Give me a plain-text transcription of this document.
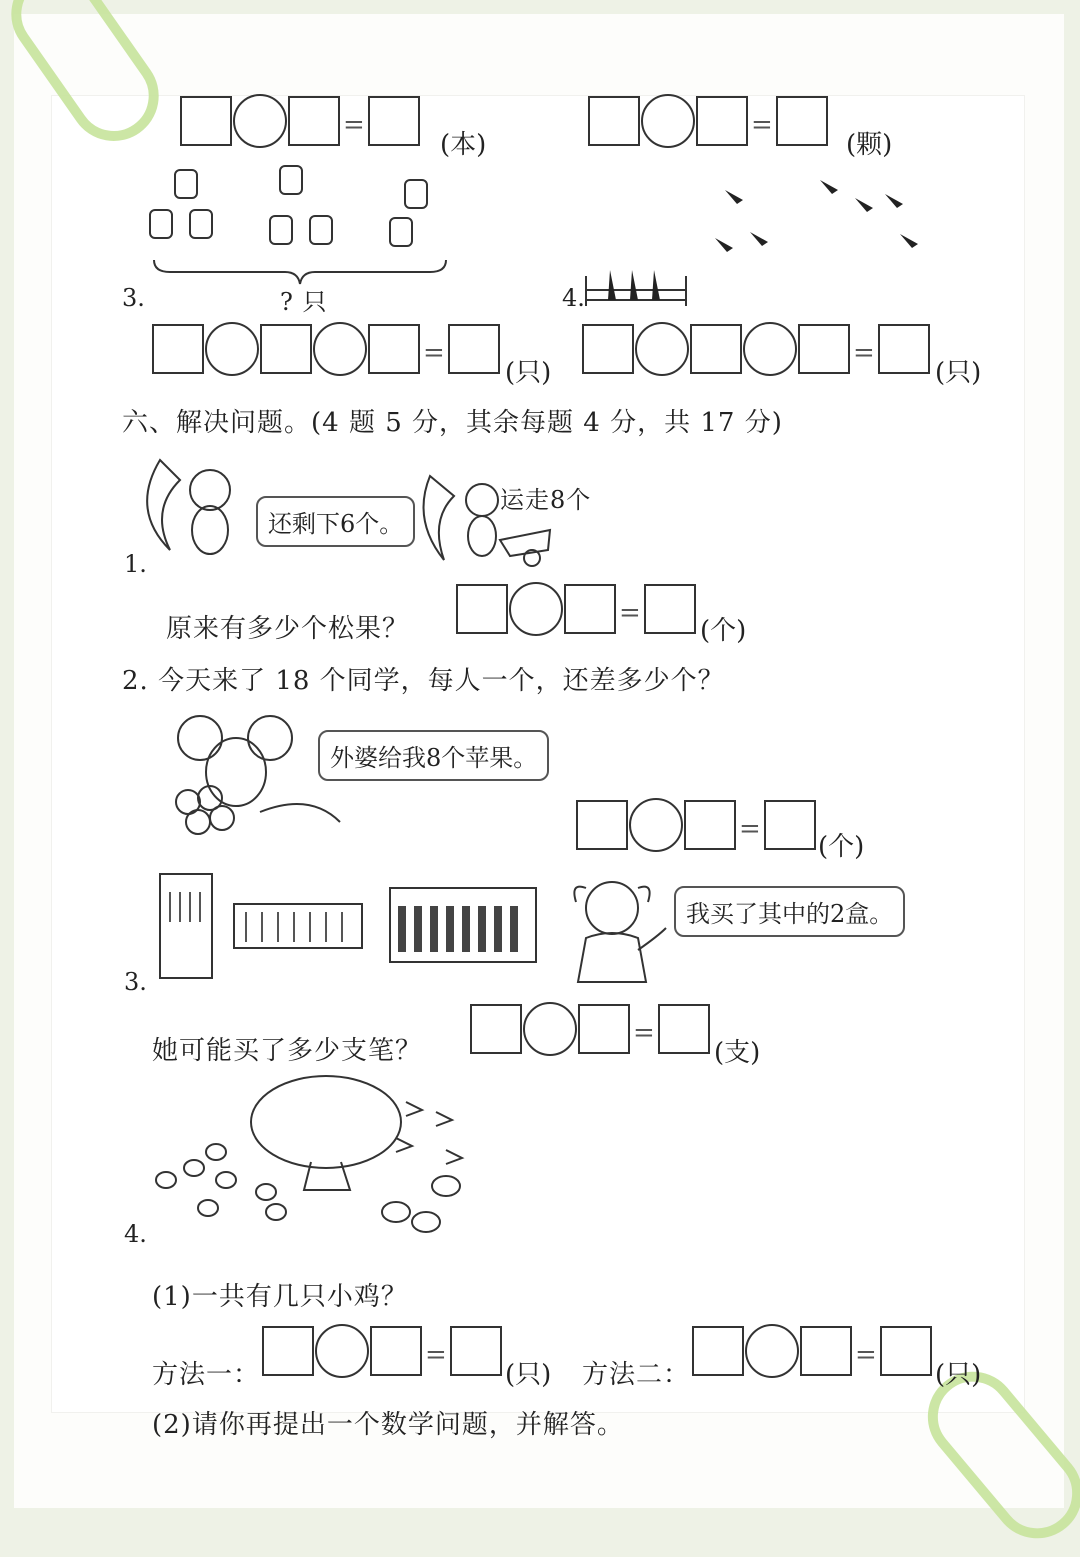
=
(本)
=
(颗)
3.	? 只	4.
=
(只)
=
(只)
六、解决问题。(4 题 5 分，其余每题 4 分，共 17 分)
还剩下6个。
运走8个
1.
原来有多少个松果？
=
(个)
2. 今天来了 18 个同学，每人一个，还差多少个？
外婆给我8个苹果。
=
(个)
我买了其中的2盒。
3.
她可能买了多少支笔？
=
(支)
4.
(1)一共有几只小鸡？
方法一：
=
(只) 方法二：
=
(只)
(2)请你再提出一个数学问题，并解答。
